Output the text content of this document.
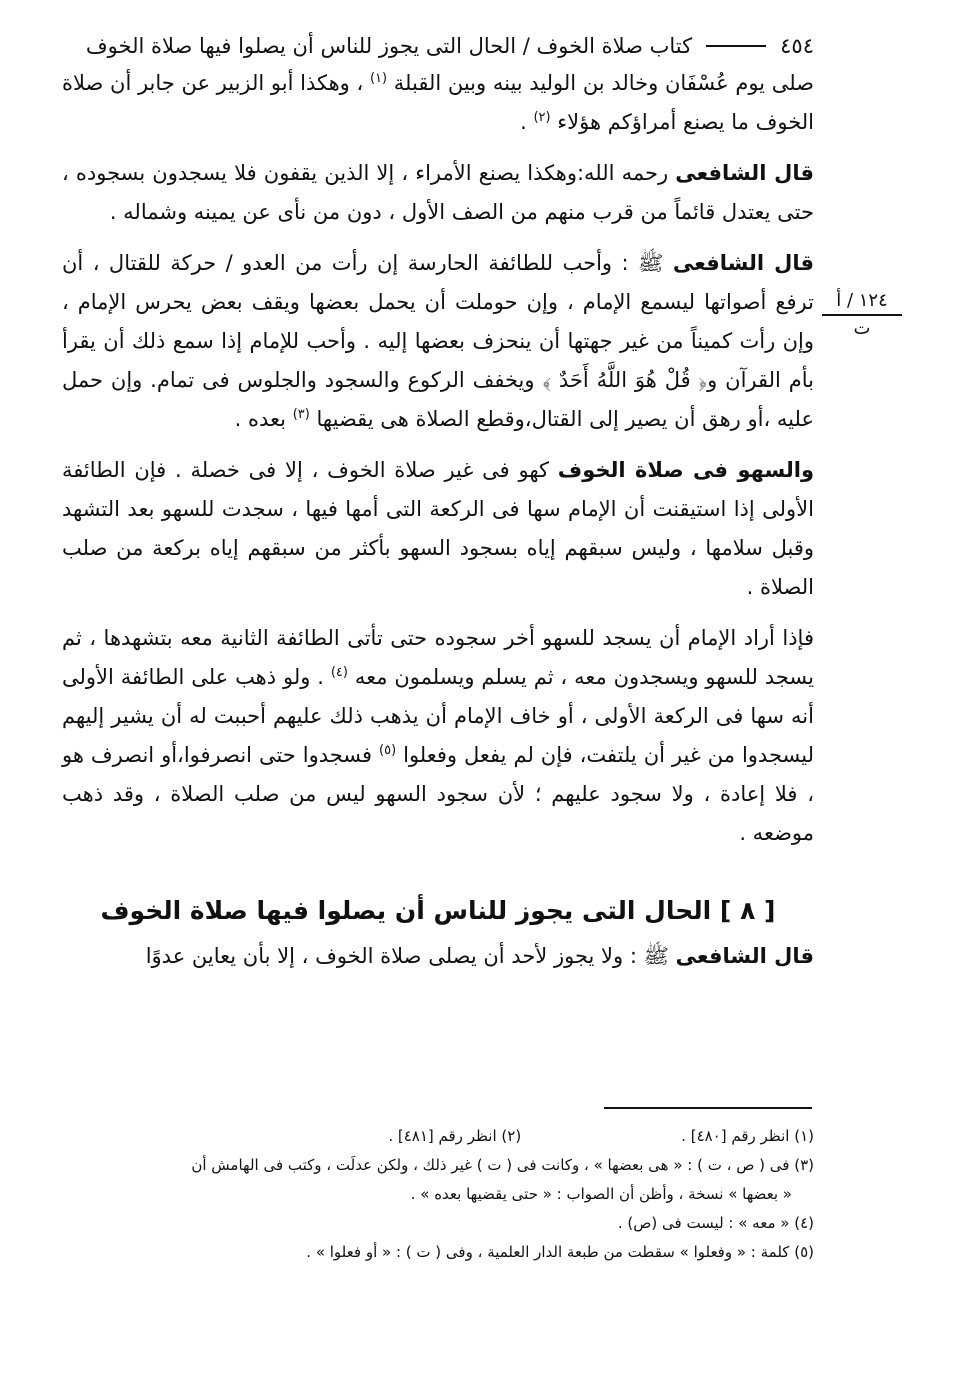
٤٥٤
كتاب صلاة الخوف / الحال التى يجوز للناس أن يصلوا فيها صلاة الخوف

صلى يوم عُسْفَان وخالد بن الوليد بينه وبين القبلة $^{(١)}$ ، وهكذا أبو الزبير عن جابر أن صلاة الخوف ما يصنع أمراؤكم هؤلاء $^{(٢)}$ .

قال الشافعى رحمه الله:وهكذا يصنع الأمراء ، إلا الذين يقفون فلا يسجدون بسجوده ، حتى يعتدل قائماً من قرب منهم من الصف الأول ، دون من نأى عن يمينه وشماله .

قال الشافعى ﷺ : وأحب للطائفة الحارسة إن رأت من العدو / حركة للقتال ، أن ترفع أصواتها ليسمع الإمام ، وإن حوملت أن يحمل بعضها ويقف بعض يحرس الإمام ، وإن رأت كميناً من غير جهتها أن ينحزف بعضها إليه . وأحب للإمام إذا سمع ذلك أن يقرأ بأم القرآن و﴿ قُلْ هُوَ اللَّهُ أَحَدٌ ﴾ ويخفف الركوع والسجود والجلوس فى تمام. وإن حمل عليه ،أو رهق أن يصير إلى القتال،وقطع الصلاة هى يقضيها $^{(٣)}$ بعده .

والسهو فى صلاة الخوف كهو فى غير صلاة الخوف ، إلا فى خصلة . فإن الطائفة الأولى إذا استيقنت أن الإمام سها فى الركعة التى أمها فيها ، سجدت للسهو بعد التشهد وقبل سلامها ، وليس سبقهم إياه بسجود السهو بأكثر من سبقهم إياه بركعة من صلب الصلاة .

فإذا أراد الإمام أن يسجد للسهو أخر سجوده حتى تأتى الطائفة الثانية معه بتشهدها ، ثم يسجد للسهو ويسجدون معه ، ثم يسلم ويسلمون معه $^{(٤)}$ . ولو ذهب على الطائفة الأولى أنه سها فى الركعة الأولى ، أو خاف الإمام أن يذهب ذلك عليهم أحببت له أن يشير إليهم ليسجدوا من غير أن يلتفت، فإن لم يفعل وفعلوا $^{(٥)}$ فسجدوا حتى انصرفوا،أو انصرف هو ، فلا إعادة ، ولا سجود عليهم ؛ لأن سجود السهو ليس من صلب الصلاة ، وقد ذهب موضعه .

[ ٨ ] الحال التى يجوز للناس أن يصلوا فيها صلاة الخوف

قال الشافعى ﷺ : ولا يجوز لأحد أن يصلى صلاة الخوف ، إلا بأن يعاين عدوًا

١٢٤ / أ
ت
(١) انظر رقم [٤٨٠] .
(٢) انظر رقم [٤٨١] .

(٣) فى ( ص ، ت ) : « هى بعضها » ، وكانت فى ( ت ) غير ذلك ، ولكن عدلَت ، وكتب فى الهامش أن

« بعضها » نسخة ، وأظن أن الصواب : « حتى يقضيها بعده » .

(٤) « معه » : ليست فى (ص) .

(٥) كلمة : « وفعلوا » سقطت من طبعة الدار العلمية ، وفى ( ت ) : « أو فعلوا » .
